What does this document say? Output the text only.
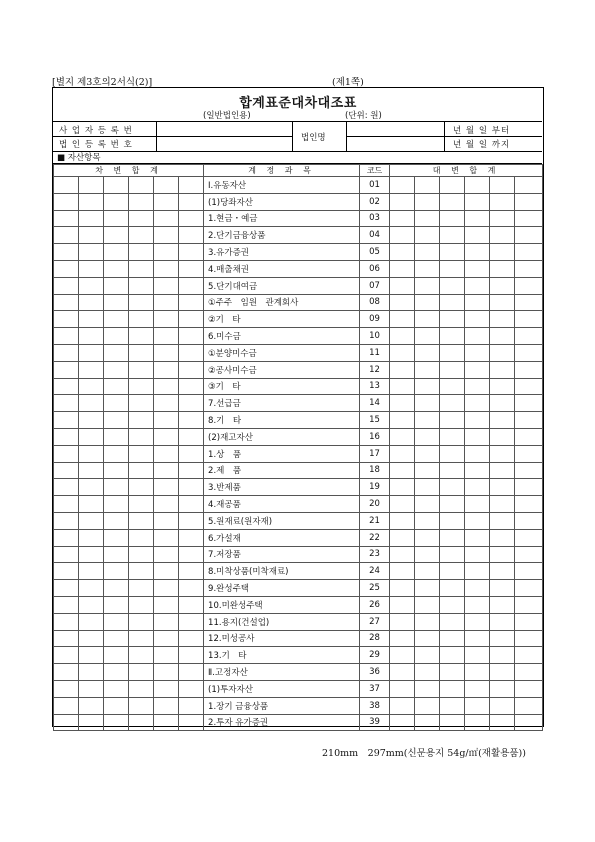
[별지 제3호의2서식(2)]	(제1쪽)
합계표준대차대조표
(일반법인용)	(단위: 원)
사 업 자 등 록 번
법 인 등 록 번 호
법인명
년 월 일 부터
년 월 일 까지
■ 자산항목
차 변 합 계						계 정 과 목	코드	대 변 합 계					
						Ⅰ.유동자산	01						
						(1)당좌자산	02						
						1.현금・예금	03						
						2.단기금융상품	04						
						3.유가증권	05						
						4.매출채권	06						
						5.단기대여금	07						
						①주주　임원　관계회사	08						
						②기　타	09						
						6.미수금	10						
						①분양미수금	11						
						②공사미수금	12						
						③기　타	13						
						7.선급금	14						
						8.기　타	15						
						(2)재고자산	16						
						1.상　품	17						
						2.제　품	18						
						3.반제품	19						
						4.재공품	20						
						5.원재료(원자재)	21						
						6.가설재	22						
						7.저장품	23						
						8.미착상품(미착재료)	24						
						9.완성주택	25						
						10.미완성주택	26						
						11.용지(건설업)	27						
						12.미성공사	28						
						13.기　타	29						
						Ⅱ.고정자산	36						
						(1)투자자산	37						
						1.장기 금융상품	38						
						2.투자 유가증권	39						
210mm　297mm(신문용지 54g/㎡(재활용품))
